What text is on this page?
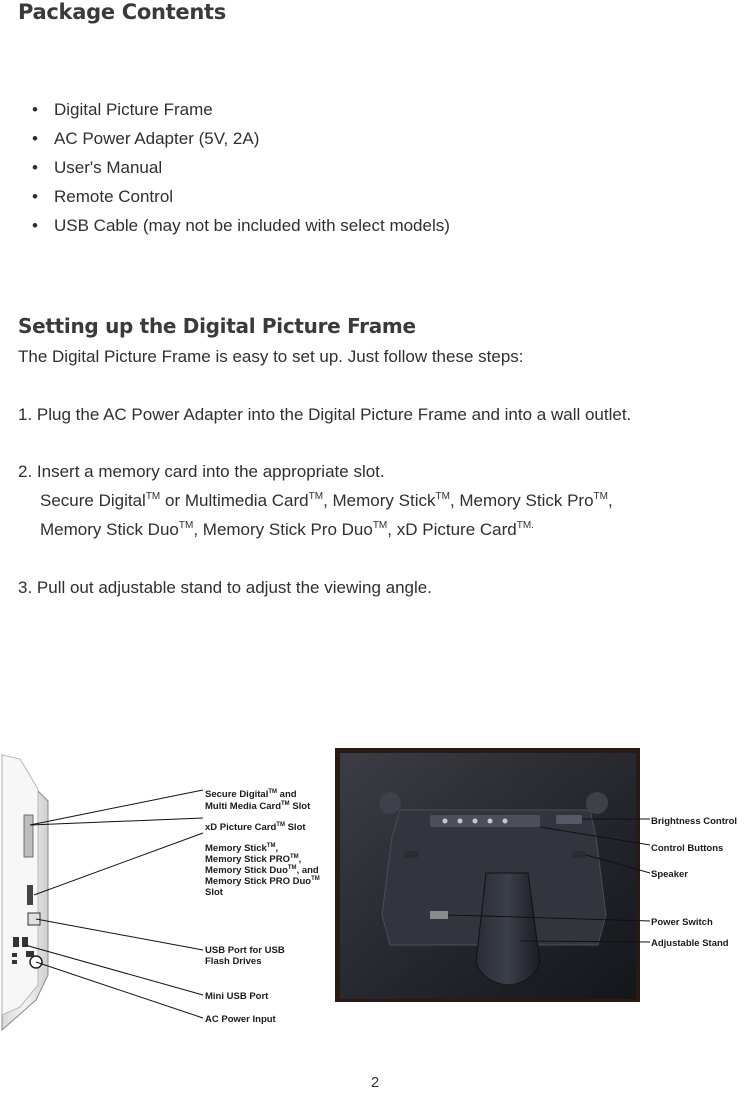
Package Contents
• Digital Picture Frame
• AC Power Adapter (5V, 2A)
• User's Manual
• Remote Control
• USB Cable (may not be included with select models)
Setting up the Digital Picture Frame

The Digital Picture Frame is easy to set up. Just follow these steps:

1. Plug the AC Power Adapter into the Digital Picture Frame and into a wall outlet.

2. Insert a memory card into the appropriate slot.

Secure Digital™ or Multimedia Card™, Memory Stick™, Memory Stick Pro™,

Memory Stick Duo™, Memory Stick Pro Duo™, xD Picture Card$^{TM.}$

3. Pull out adjustable stand to adjust the viewing angle.

Secure Digital™ and
Multi Media Card™ Slot
xD Picture Card™ Slot
Memory Stick™,
Memory Stick PRO™,
Memory Stick Duo™, and
Memory Stick PRO Duo™
Slot
USB Port for USB
Flash Drives
Mini USB Port
AC Power Input
Brightness Control
Control Buttons
Speaker
Power Switch
Adjustable Stand
2
